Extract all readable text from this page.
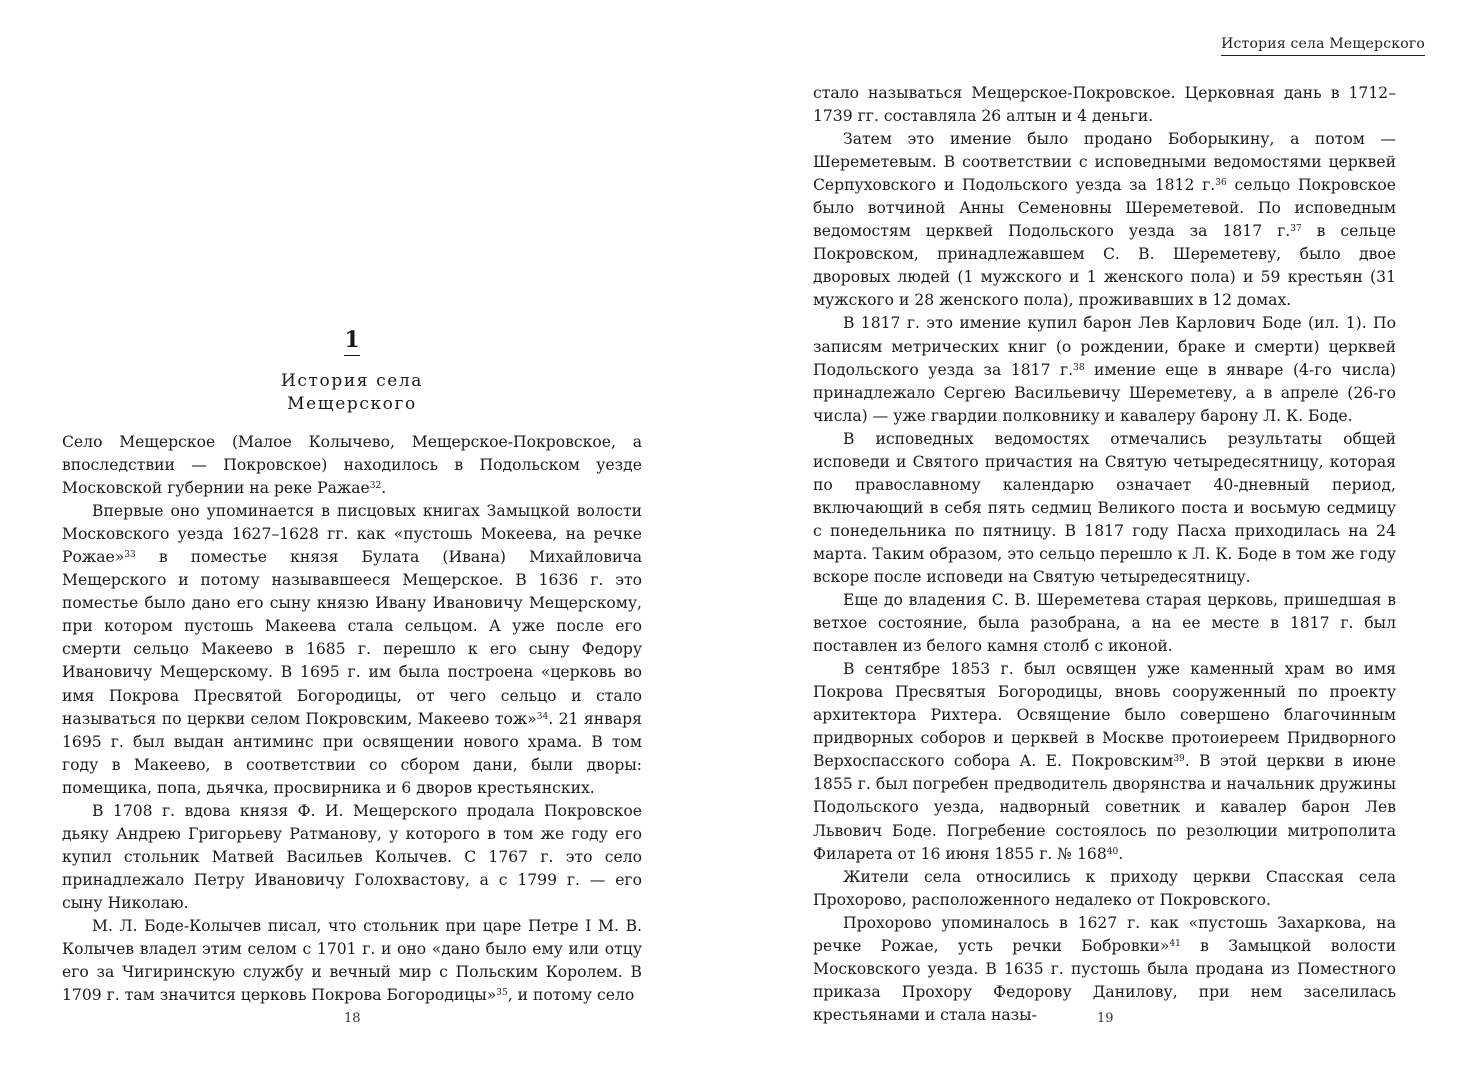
1
История села
Мещерского

Село Мещерское (Малое Колычево, Мещерское-Покровское, а впоследствии — Покровское) находилось в Подольском уезде Московской губернии на реке Ражае$^{32}$.

Впервые оно упоминается в писцовых книгах Замыцкой волости Московского уезда 1627–1628 гг. как «пустошь Мокеева, на речке Рожае»$^{33}$ в поместье князя Булата (Ивана) Михайловича Мещерского и потому называвшееся Мещерское. В 1636 г. это поместье было дано его сыну князю Ивану Ивановичу Мещерскому, при котором пустошь Макеева стала сельцом. А уже после его смерти сельцо Макеево в 1685 г. перешло к его сыну Федору Ивановичу Мещерскому. В 1695 г. им была построена «церковь во имя Покрова Пресвятой Богородицы, от чего сельцо и стало называться по церкви селом Покровским, Макеево тож»$^{34}$. 21 января 1695 г. был выдан антиминс при освящении нового храма. В том году в Макеево, в соответствии со сбором дани, были дворы: помещика, попа, дьячка, просвирника и 6 дворов крестьянских.

В 1708 г. вдова князя Ф. И. Мещерского продала Покровское дьяку Андрею Григорьеву Ратманову, у которого в том же году его купил стольник Матвей Васильев Колычев. С 1767 г. это село принадлежало Петру Ивановичу Голохвастову, а с 1799 г. — его сыну Николаю.

М. Л. Боде-Колычев писал, что стольник при царе Петре I М. В. Колычев владел этим селом с 1701 г. и оно «дано было ему или отцу его за Чигиринскую службу и вечный мир с Польским Королем. В 1709 г. там значится церковь Покрова Богородицы»$^{35}$, и потому село

18
История села Мещерского

стало называться Мещерское-Покровское. Церковная дань в 1712–1739 гг. составляла 26 алтын и 4 деньги.

Затем это имение было продано Боборыкину, а потом — Шереметевым. В соответствии с исповедными ведомостями церквей Серпуховского и Подольского уезда за 1812 г.$^{36}$ сельцо Покровское было вотчиной Анны Семеновны Шереметевой. По исповедным ведомостям церквей Подольского уезда за 1817 г.$^{37}$ в сельце Покровском, принадлежавшем С. В. Шереметеву, было двое дворовых людей (1 мужского и 1 женского пола) и 59 крестьян (31 мужского и 28 женского пола), проживавших в 12 домах.

В 1817 г. это имение купил барон Лев Карлович Боде (ил. 1). По записям метрических книг (о рождении, браке и смерти) церквей Подольского уезда за 1817 г.$^{38}$ имение еще в январе (4-го числа) принадлежало Сергею Васильевичу Шереметеву, а в апреле (26-го числа) — уже гвардии полковнику и кавалеру барону Л. К. Боде.

В исповедных ведомостях отмечались результаты общей исповеди и Святого причастия на Святую четыредесятницу, которая по православному календарю означает 40-дневный период, включающий в себя пять седмиц Великого поста и восьмую седмицу с понедельника по пятницу. В 1817 году Пасха приходилась на 24 марта. Таким образом, это сельцо перешло к Л. К. Боде в том же году вскоре после исповеди на Святую четыредесятницу.

Еще до владения С. В. Шереметева старая церковь, пришедшая в ветхое состояние, была разобрана, а на ее месте в 1817 г. был поставлен из белого камня столб с иконой.

В сентябре 1853 г. был освящен уже каменный храм во имя Покрова Пресвятыя Богородицы, вновь сооруженный по проекту архитектора Рихтера. Освящение было совершено благочинным придворных соборов и церквей в Москве протоиереем Придворного Верхоспасского собора А. Е. Покровским$^{39}$. В этой церкви в июне 1855 г. был погребен предводитель дворянства и начальник дружины Подольского уезда, надворный советник и кавалер барон Лев Львович Боде. Погребение состоялось по резолюции митрополита Филарета от 16 июня 1855 г. № $168^{40}$.

Жители села относились к приходу церкви Спасская села Прохорово, расположенного недалеко от Покровского.

Прохорово упоминалось в 1627 г. как «пустошь Захаркова, на речке Рожае, усть речки Бобровки»$^{41}$ в Замыцкой волости Московского уезда. В 1635 г. пустошь была продана из Поместного приказа Прохору Федорову Данилову, при нем заселилась крестьянами и стала назы-	19
